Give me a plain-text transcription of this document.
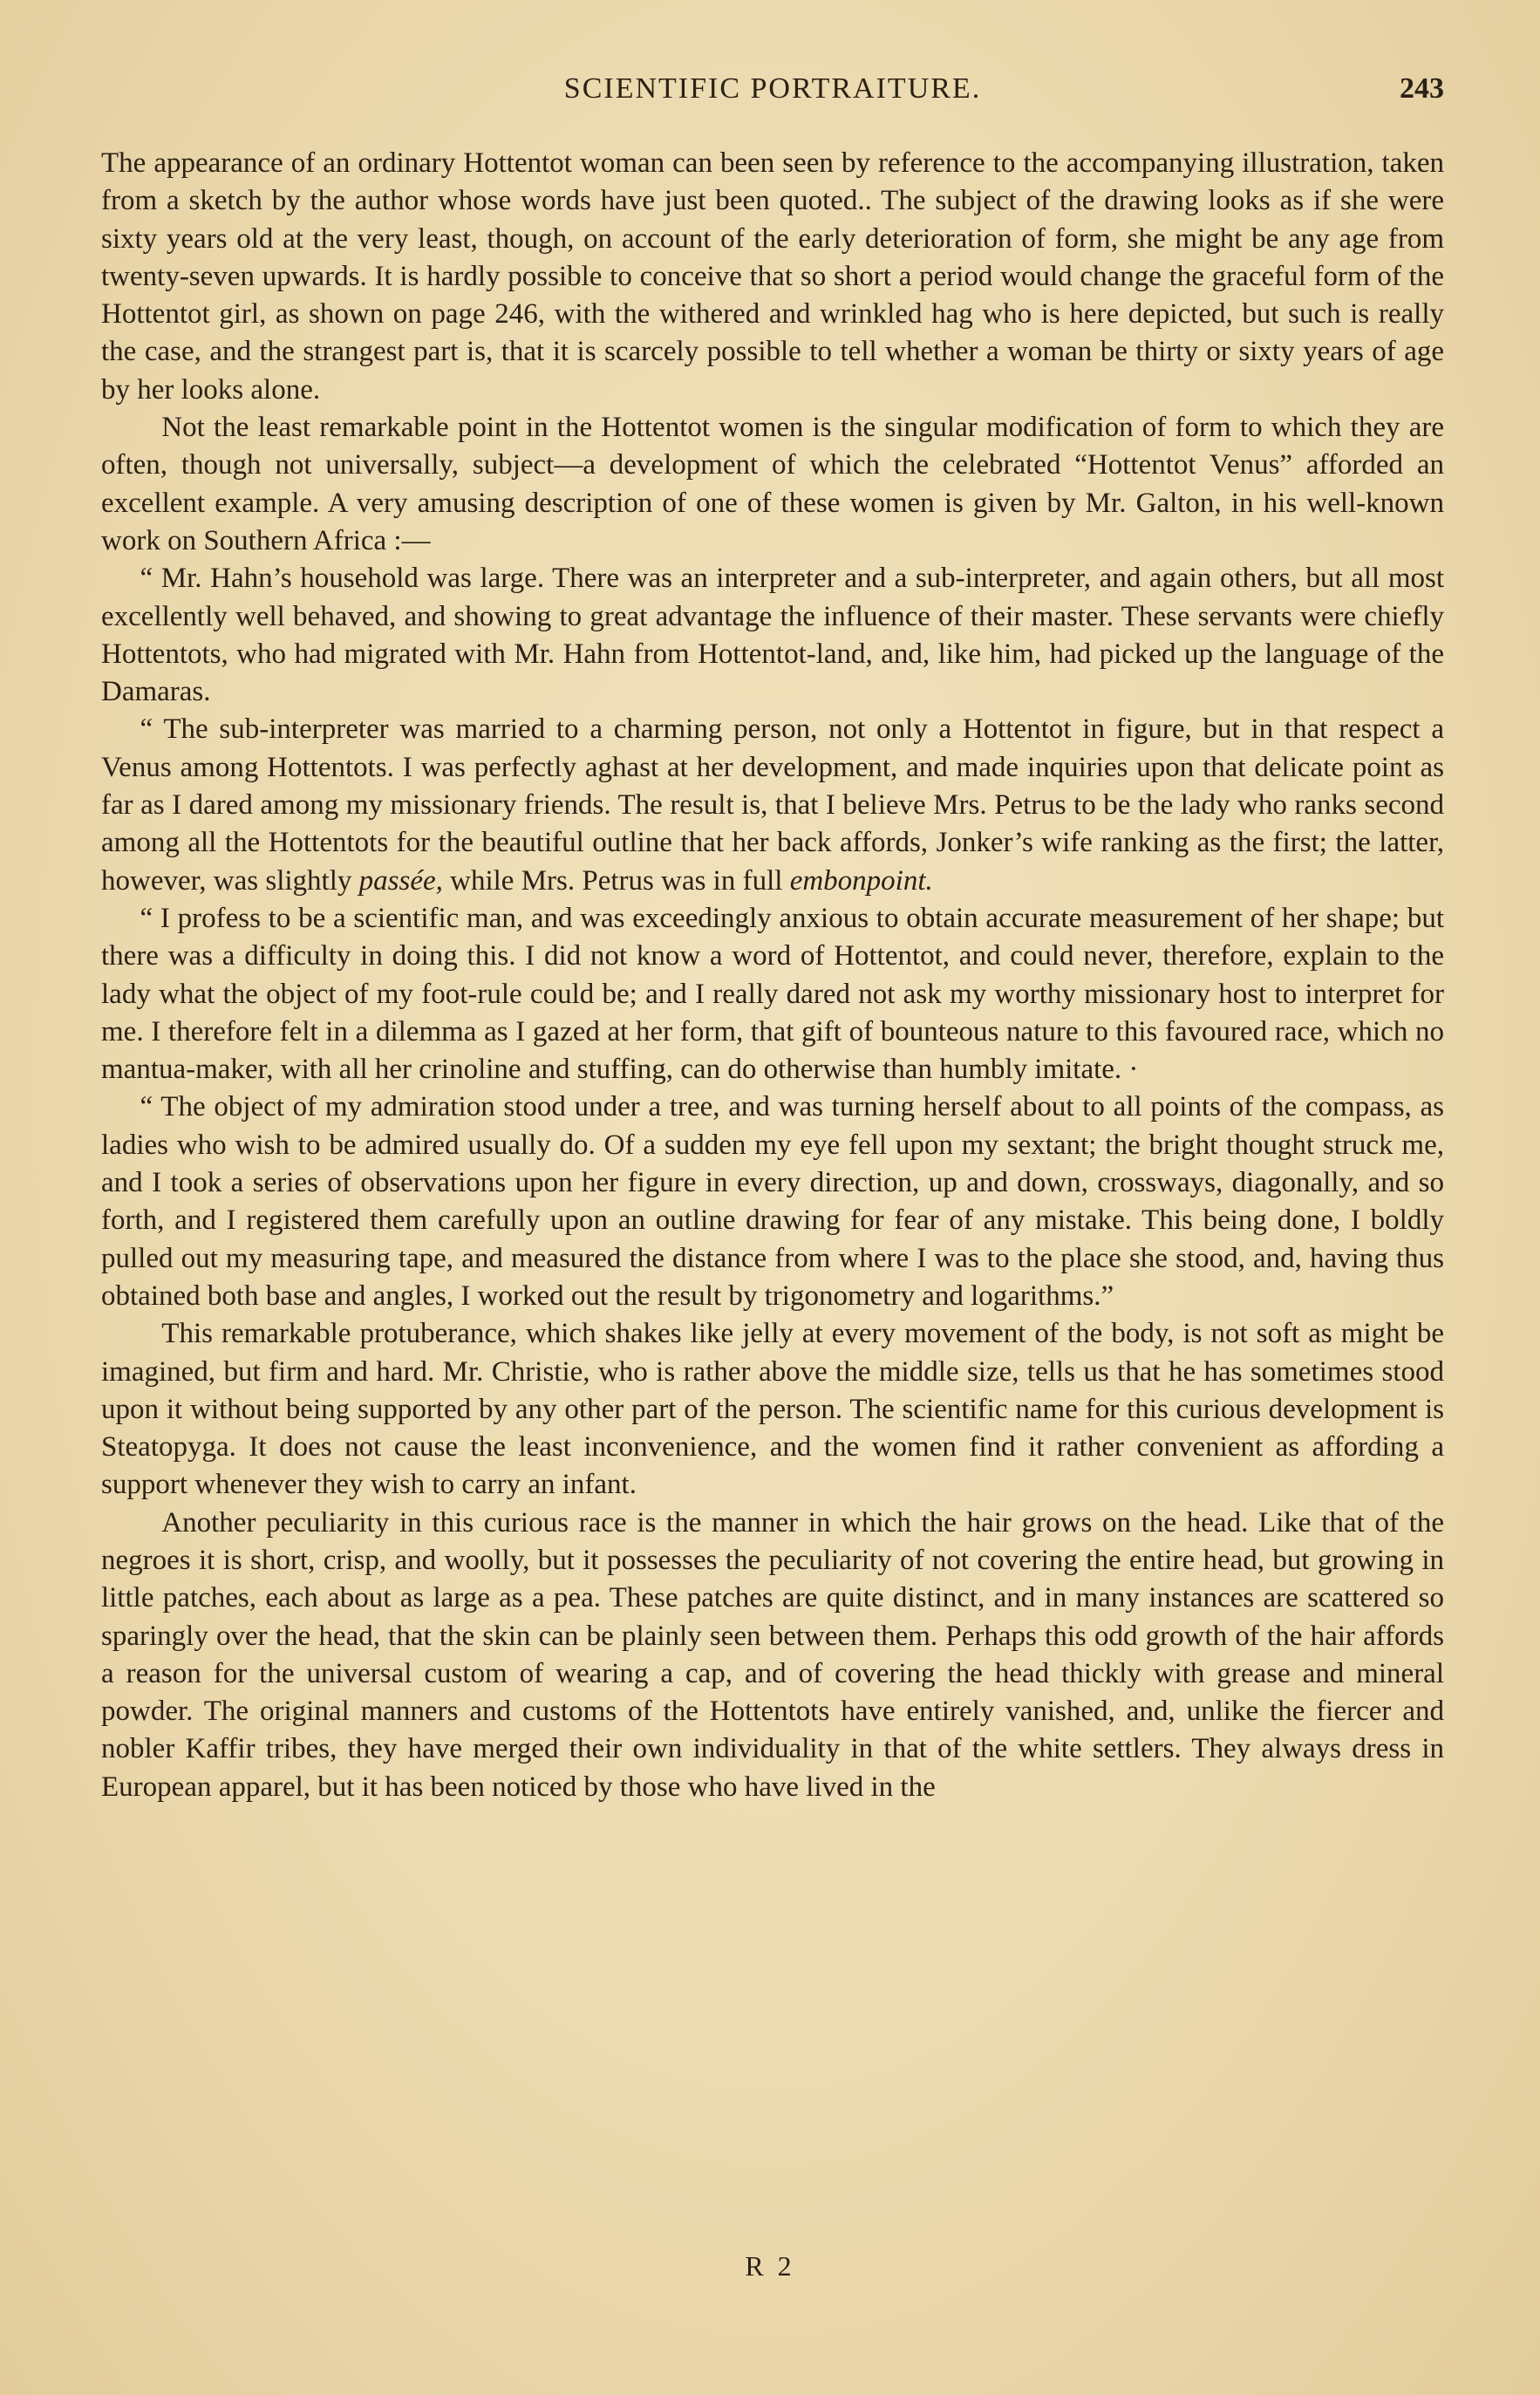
SCIENTIFIC PORTRAITURE.	243

The appearance of an ordinary Hottentot woman can been seen by reference to the accompanying illustration, taken from a sketch by the author whose words have just been quoted.. The subject of the drawing looks as if she were sixty years old at the very least, though, on account of the early deterioration of form, she might be any age from twenty-seven upwards. It is hardly possible to conceive that so short a period would change the graceful form of the Hottentot girl, as shown on page 246, with the withered and wrinkled hag who is here depicted, but such is really the case, and the strangest part is, that it is scarcely possible to tell whether a woman be thirty or sixty years of age by her looks alone.

Not the least remarkable point in the Hottentot women is the singular modification of form to which they are often, though not universally, subject—a development of which the celebrated “Hottentot Venus” afforded an excellent example. A very amusing description of one of these women is given by Mr. Galton, in his well-known work on Southern Africa :—

“ Mr. Hahn’s household was large. There was an interpreter and a sub-interpreter, and again others, but all most excellently well behaved, and showing to great advantage the influence of their master. These servants were chiefly Hottentots, who had migrated with Mr. Hahn from Hottentot-land, and, like him, had picked up the language of the Damaras.

“ The sub-interpreter was married to a charming person, not only a Hottentot in figure, but in that respect a Venus among Hottentots. I was perfectly aghast at her development, and made inquiries upon that delicate point as far as I dared among my missionary friends. The result is, that I believe Mrs. Petrus to be the lady who ranks second among all the Hottentots for the beautiful outline that her back affords, Jonker’s wife ranking as the first; the latter, however, was slightly passée, while Mrs. Petrus was in full embonpoint.

“ I profess to be a scientific man, and was exceedingly anxious to obtain accurate measurement of her shape; but there was a difficulty in doing this. I did not know a word of Hottentot, and could never, therefore, explain to the lady what the object of my foot-rule could be; and I really dared not ask my worthy missionary host to interpret for me. I therefore felt in a dilemma as I gazed at her form, that gift of bounteous nature to this favoured race, which no mantua-maker, with all her crinoline and stuffing, can do otherwise than humbly imitate. ·

“ The object of my admiration stood under a tree, and was turning herself about to all points of the compass, as ladies who wish to be admired usually do. Of a sudden my eye fell upon my sextant; the bright thought struck me, and I took a series of observations upon her figure in every direction, up and down, crossways, diagonally, and so forth, and I registered them carefully upon an outline drawing for fear of any mistake. This being done, I boldly pulled out my measuring tape, and measured the distance from where I was to the place she stood, and, having thus obtained both base and angles, I worked out the result by trigonometry and logarithms.”

This remarkable protuberance, which shakes like jelly at every movement of the body, is not soft as might be imagined, but firm and hard. Mr. Christie, who is rather above the middle size, tells us that he has sometimes stood upon it without being supported by any other part of the person. The scientific name for this curious development is Steatopyga. It does not cause the least inconvenience, and the women find it rather convenient as affording a support whenever they wish to carry an infant.

Another peculiarity in this curious race is the manner in which the hair grows on the head. Like that of the negroes it is short, crisp, and woolly, but it possesses the peculiarity of not covering the entire head, but growing in little patches, each about as large as a pea. These patches are quite distinct, and in many instances are scattered so sparingly over the head, that the skin can be plainly seen between them. Perhaps this odd growth of the hair affords a reason for the universal custom of wearing a cap, and of covering the head thickly with grease and mineral powder. The original manners and customs of the Hottentots have entirely vanished, and, unlike the fiercer and nobler Kaffir tribes, they have merged their own individuality in that of the white settlers. They always dress in European apparel, but it has been noticed by those who have lived in the

R 2
